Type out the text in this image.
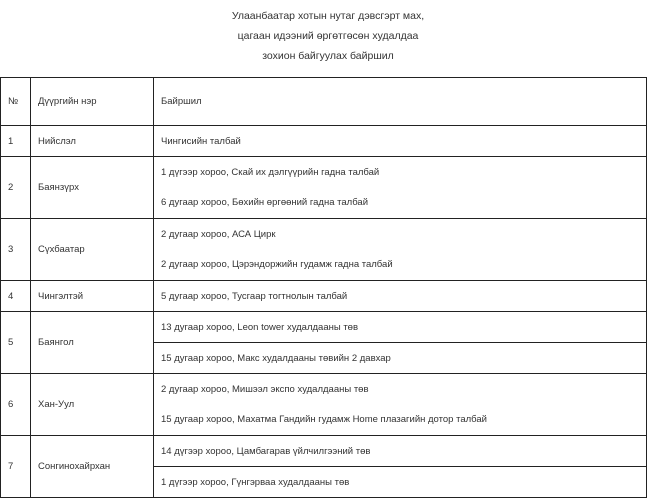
Улаанбаатар хотын нутаг дэвсгэрт мах,
цагаан идээний өргөтгөсөн худалдаа
зохион байгуулах байршил
№	Дүүргийн нэр	Байршил
1	Нийслэл	Чингисийн талбай
2	Баянзүрх	1 дүгээр хороо, Скай их дэлгүүрийн гадна талбай
		6 дугаар хороо, Бөхийн өргөөний гадна талбай
3	Сүхбаатар	2 дугаар хороо, АСА Цирк
		2 дугаар хороо, Цэрэндоржийн гудамж гадна талбай
4	Чингэлтэй	5 дугаар хороо, Тусгаар тогтнолын талбай
5	Баянгол	13 дугаар хороо, Leon tower худалдааны төв
		15 дугаар хороо, Макс худалдааны төвийн 2 давхар
6	Хан-Уул	2 дугаар хороо, Мишээл экспо худалдааны төв
		15 дугаар хороо, Махатма Гандийн гудамж Home плазагийн дотор талбай
7	Сонгинохайрхан	14 дүгээр хороо, Цамбагарав үйлчилгээний төв
		1 дүгээр хороо, Гүнгэрваа худалдааны төв
